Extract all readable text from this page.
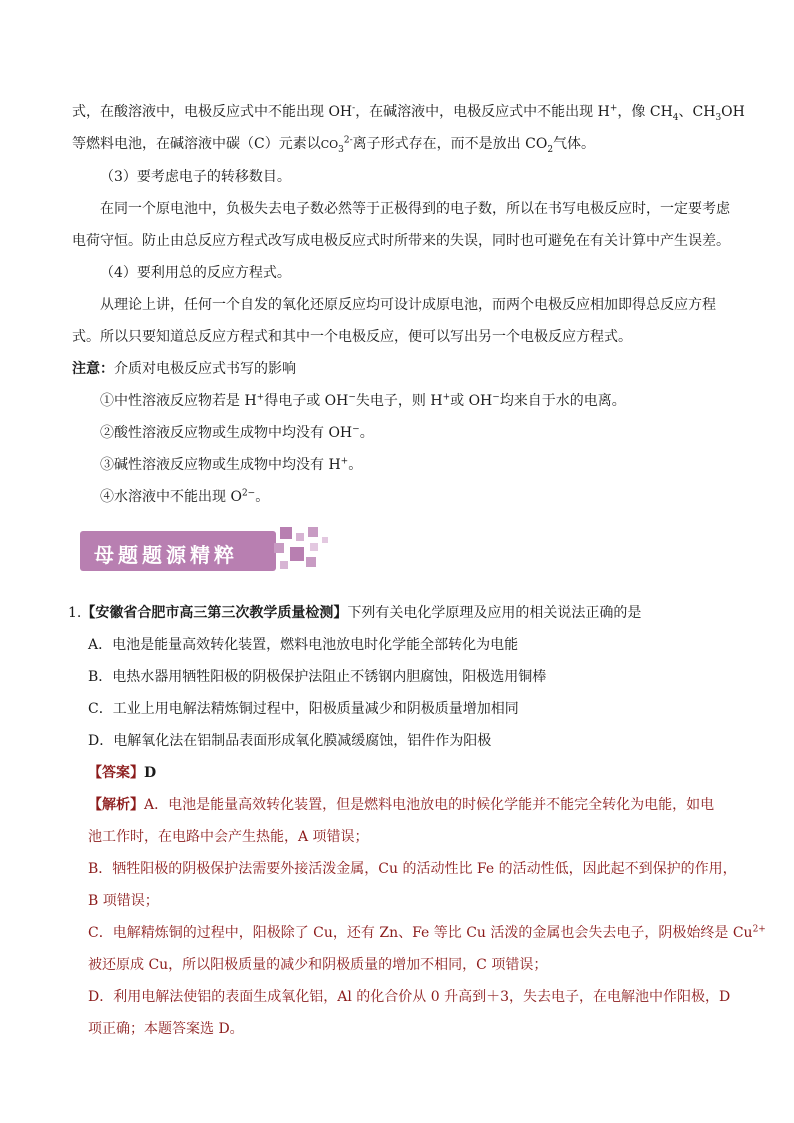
式，在酸溶液中，电极反应式中不能出现 OH-，在碱溶液中，电极反应式中不能出现 H+，像 $CH_4$、$CH_3OH$
等燃料电池，在碱溶液中碳（C）元素以$CO_3^{2-}$离子形式存在，而不是放出 $CO_2$气体。
（3）要考虑电子的转移数目。
在同一个原电池中，负极失去电子数必然等于正极得到的电子数，所以在书写电极反应时，一定要考虑
电荷守恒。防止由总反应方程式改写成电极反应式时所带来的失误，同时也可避免在有关计算中产生误差。
（4）要利用总的反应方程式。
从理论上讲，任何一个自发的氧化还原反应均可设计成原电池，而两个电极反应相加即得总反应方程
式。所以只要知道总反应方程式和其中一个电极反应，便可以写出另一个电极反应方程式。
注意：介质对电极反应式书写的影响
①中性溶液反应物若是 H+得电子或 OH−失电子，则 H+或 OH−均来自于水的电离。
②酸性溶液反应物或生成物中均没有 OH−。
③碱性溶液反应物或生成物中均没有 H+。
④水溶液中不能出现 $O^{2-}$。
母题题源精粹
1.【安徽省合肥市高三第三次教学质量检测】下列有关电化学原理及应用的相关说法正确的是
A．电池是能量高效转化装置，燃料电池放电时化学能全部转化为电能
B．电热水器用牺牲阳极的阴极保护法阻止不锈钢内胆腐蚀，阳极选用铜棒
C．工业上用电解法精炼铜过程中，阳极质量减少和阴极质量增加相同
D．电解氧化法在铝制品表面形成氧化膜减缓腐蚀，铝件作为阳极
【答案】D
【解析】A．电池是能量高效转化装置，但是燃料电池放电的时候化学能并不能完全转化为电能，如电
池工作时，在电路中会产生热能，A 项错误；
B．牺牲阳极的阴极保护法需要外接活泼金属，Cu 的活动性比 Fe 的活动性低，因此起不到保护的作用，
B 项错误；
C．电解精炼铜的过程中，阳极除了 Cu，还有 Zn、Fe 等比 Cu 活泼的金属也会失去电子，阴极始终是 $Cu^{2+}$
被还原成 Cu，所以阳极质量的减少和阴极质量的增加不相同，C 项错误；
D．利用电解法使铝的表面生成氧化铝，Al 的化合价从 0 升高到＋3，失去电子，在电解池中作阳极，D
项正确；本题答案选 D。
